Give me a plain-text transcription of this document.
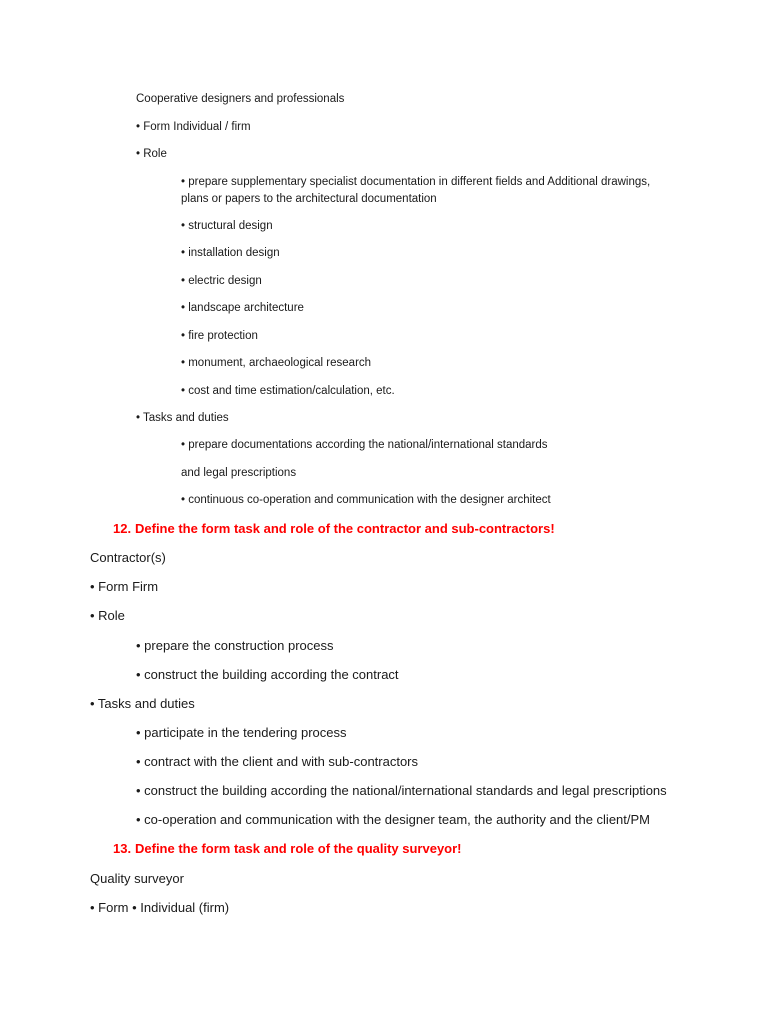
Cooperative designers and professionals
• Form Individual / firm
• Role
• prepare supplementary specialist documentation in different fields and Additional drawings,
plans or papers to the architectural documentation
• structural design
• installation design
• electric design
• landscape architecture
• fire protection
• monument, archaeological research
• cost and time estimation/calculation, etc.
• Tasks and duties
• prepare documentations according the national/international standards
and legal prescriptions
• continuous co-operation and communication with the designer architect
12. Define the form task and role of the contractor and sub-contractors!
Contractor(s)
• Form Firm
• Role
• prepare the construction process
• construct the building according the contract
• Tasks and duties
• participate in the tendering process
• contract with the client and with sub-contractors
• construct the building according the national/international standards and legal prescriptions
• co-operation and communication with the designer team, the authority and the client/PM
13. Define the form task and role of the quality surveyor!
Quality surveyor
• Form • Individual (firm)
